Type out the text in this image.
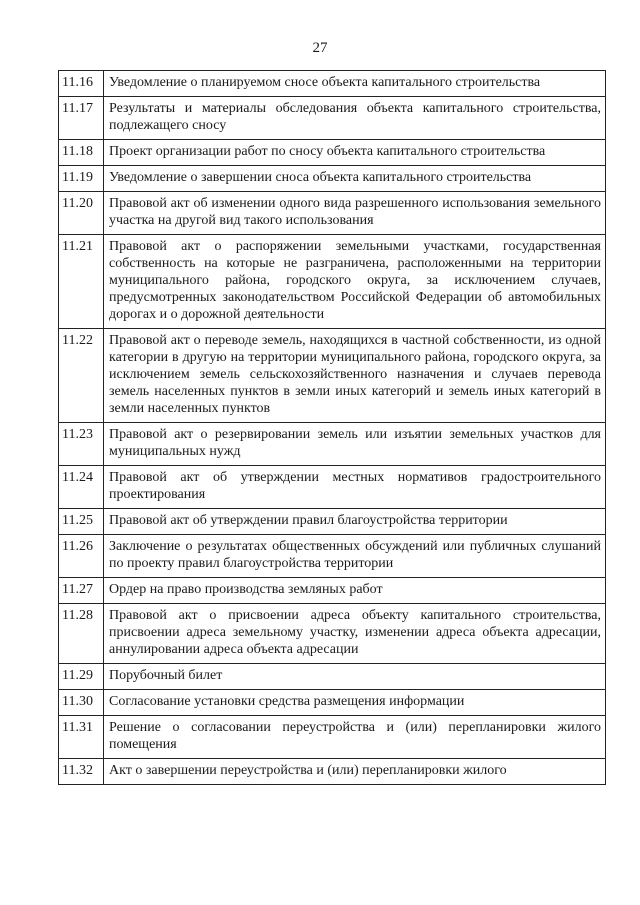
27
11.16	Уведомление о планируемом сносе объекта капитального строительства
11.17	Результаты и материалы обследования объекта капитального строительства, подлежащего сносу
11.18	Проект организации работ по сносу объекта капитального строительства
11.19	Уведомление о завершении сноса объекта капитального строительства
11.20	Правовой акт об изменении одного вида разрешенного использования земельного участка на другой вид такого использования
11.21	Правовой акт о распоряжении земельными участками, государственная собственность на которые не разграничена, расположенными на территории муниципального района, городского округа, за исключением случаев, предусмотренных законодательством Российской Федерации об автомобильных дорогах и о дорожной деятельности
11.22	Правовой акт о переводе земель, находящихся в частной собственности, из одной категории в другую на территории муниципального района, городского округа, за исключением земель сельскохозяйственного назначения и случаев перевода земель населенных пунктов в земли иных категорий и земель иных категорий в земли населенных пунктов
11.23	Правовой акт о резервировании земель или изъятии земельных участков для муниципальных нужд
11.24	Правовой акт об утверждении местных нормативов градостроительного проектирования
11.25	Правовой акт об утверждении правил благоустройства территории
11.26	Заключение о результатах общественных обсуждений или публичных слушаний по проекту правил благоустройства территории
11.27	Ордер на право производства земляных работ
11.28	Правовой акт о присвоении адреса объекту капитального строительства, присвоении адреса земельному участку, изменении адреса объекта адресации, аннулировании адреса объекта адресации
11.29	Порубочный билет
11.30	Согласование установки средства размещения информации
11.31	Решение о согласовании переустройства и (или) перепланировки жилого помещения
11.32	Акт о завершении переустройства и (или) перепланировки жилого
